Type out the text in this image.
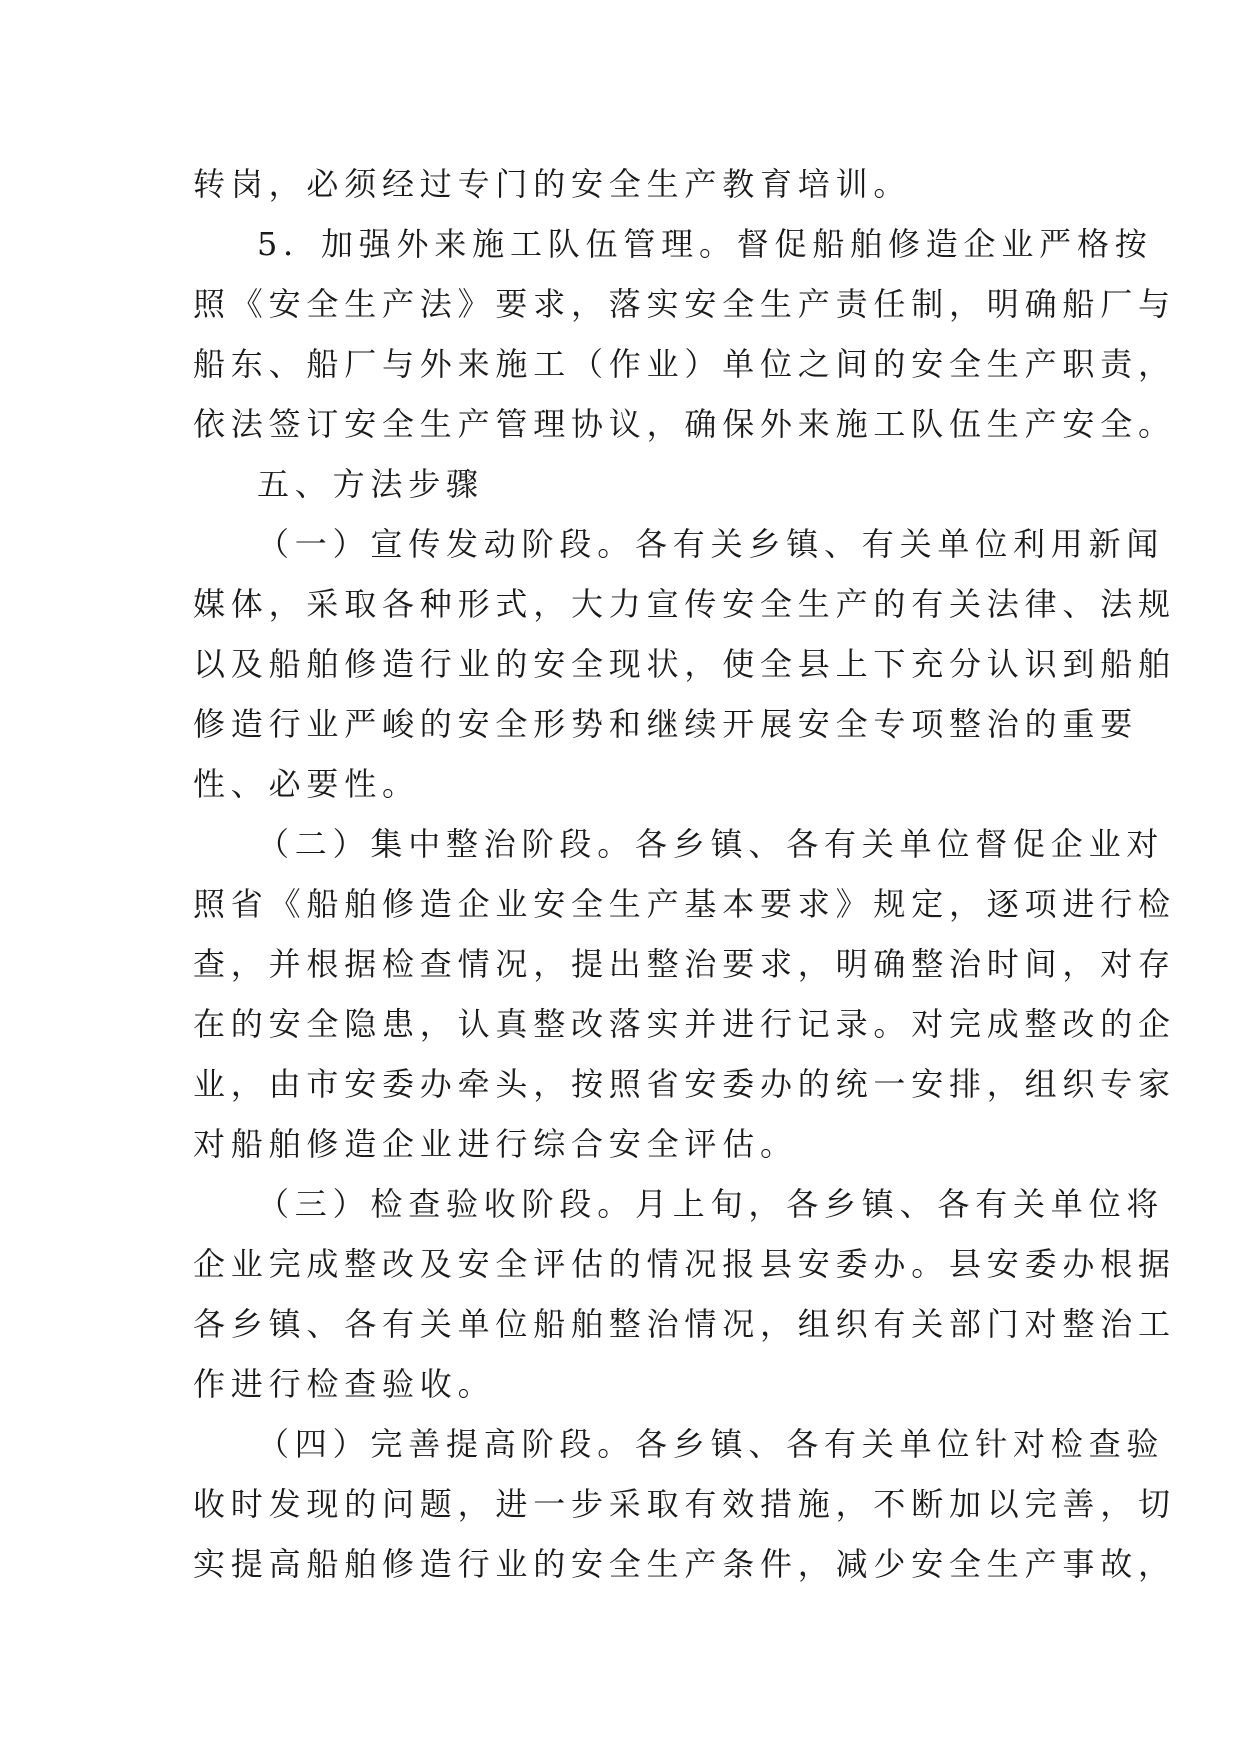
转岗，必须经过专门的安全生产教育培训。
5．加强外来施工队伍管理。督促船舶修造企业严格按
照《安全生产法》要求，落实安全生产责任制，明确船厂与
船东、船厂与外来施工（作业）单位之间的安全生产职责，
依法签订安全生产管理协议，确保外来施工队伍生产安全。
五、方法步骤
（一）宣传发动阶段。各有关乡镇、有关单位利用新闻
媒体，采取各种形式，大力宣传安全生产的有关法律、法规
以及船舶修造行业的安全现状，使全县上下充分认识到船舶
修造行业严峻的安全形势和继续开展安全专项整治的重要
性、必要性。
（二）集中整治阶段。各乡镇、各有关单位督促企业对
照省《船舶修造企业安全生产基本要求》规定，逐项进行检
查，并根据检查情况，提出整治要求，明确整治时间，对存
在的安全隐患，认真整改落实并进行记录。对完成整改的企
业，由市安委办牵头，按照省安委办的统一安排，组织专家
对船舶修造企业进行综合安全评估。
（三）检查验收阶段。月上旬，各乡镇、各有关单位将
企业完成整改及安全评估的情况报县安委办。县安委办根据
各乡镇、各有关单位船舶整治情况，组织有关部门对整治工
作进行检查验收。
（四）完善提高阶段。各乡镇、各有关单位针对检查验
收时发现的问题，进一步采取有效措施，不断加以完善，切
实提高船舶修造行业的安全生产条件，减少安全生产事故，
